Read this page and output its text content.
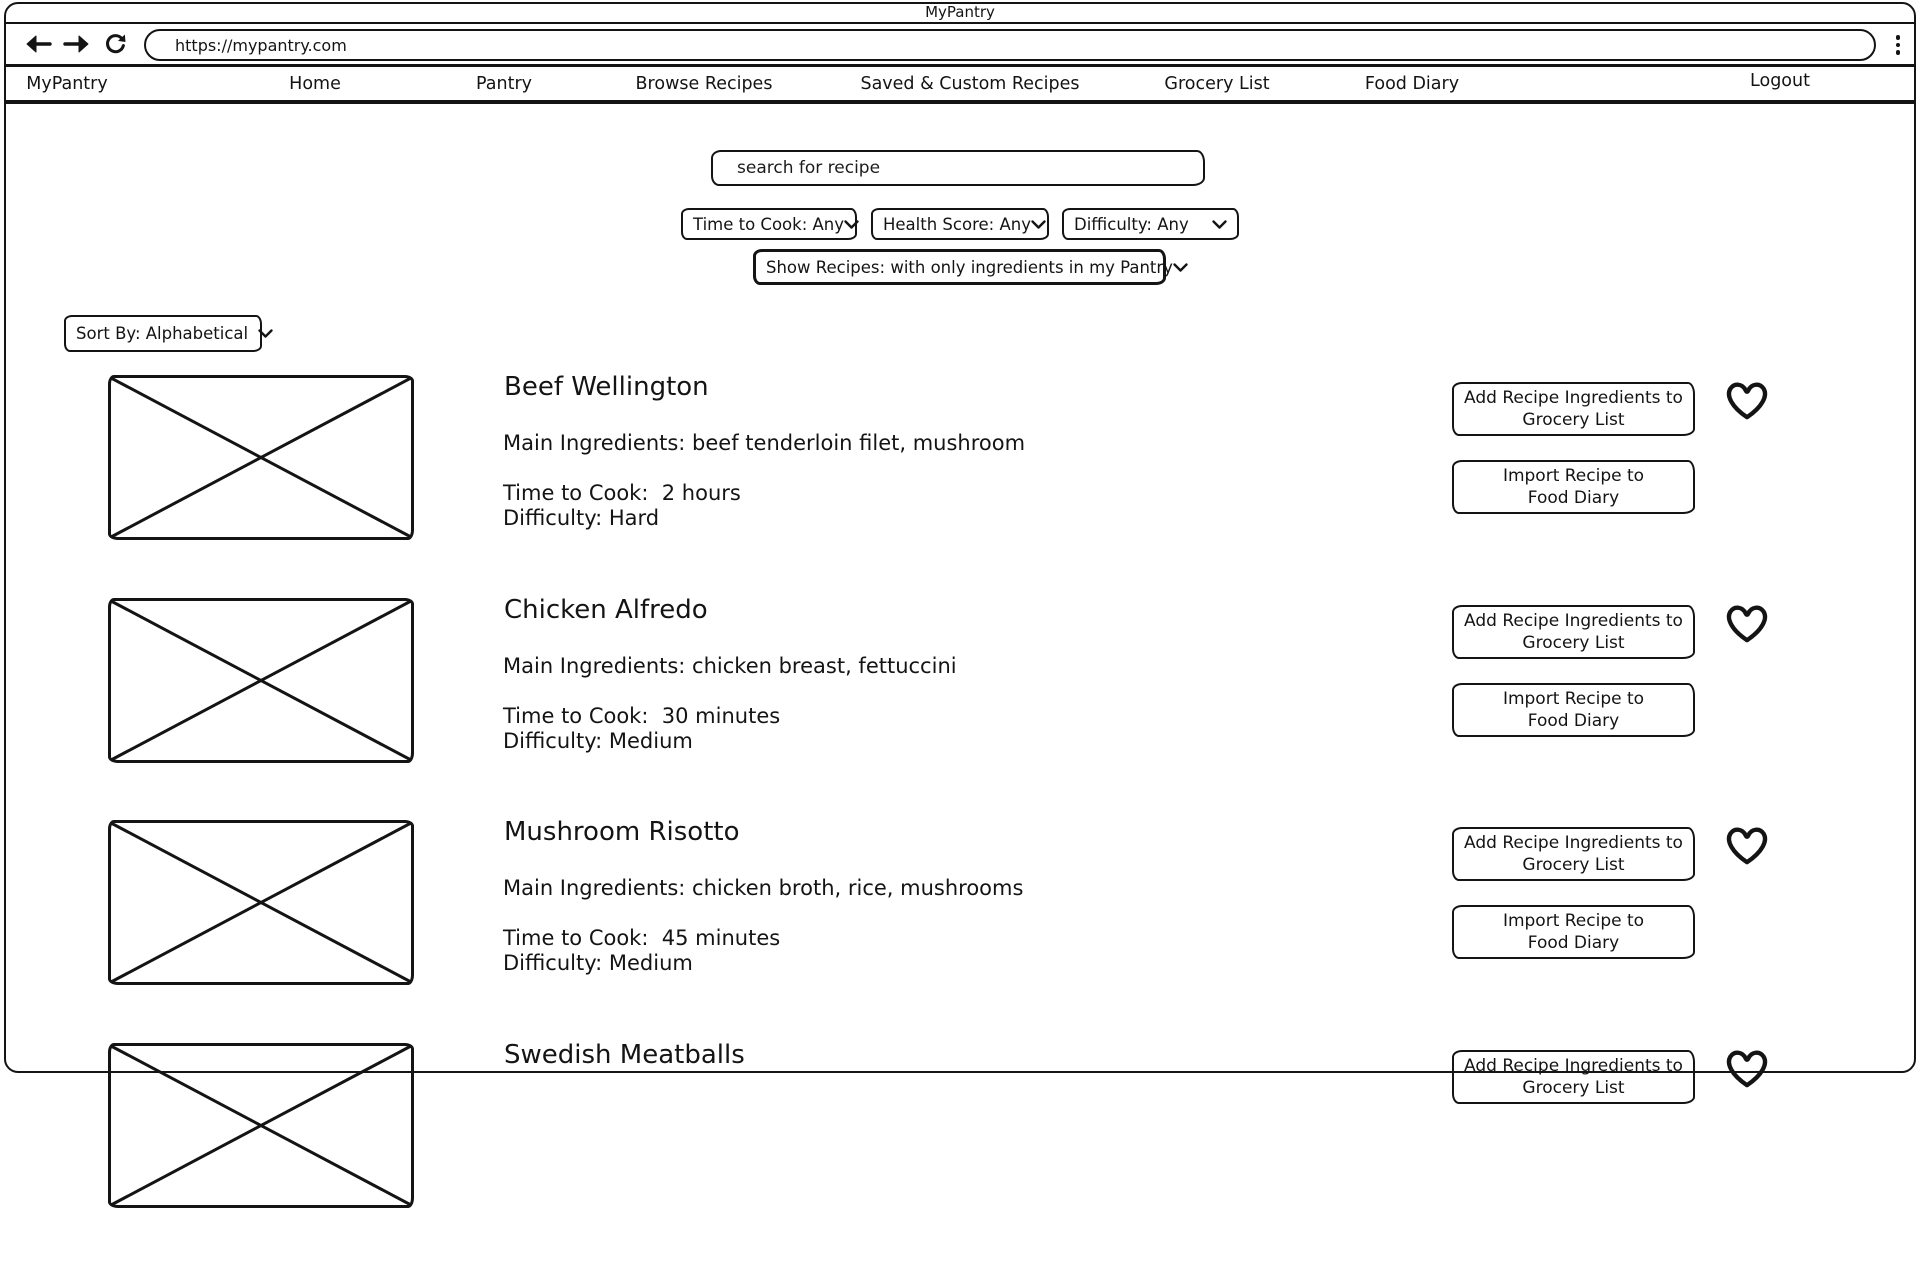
MyPantry
https://mypantry.com
MyPantry	Home	Pantry	Browse Recipes	Saved & Custom Recipes	Grocery List	Food Diary	Logout
search for recipe
Time to Cook: Any Health Score: Any	Difficulty: Any
Show Recipes: with only ingredients in my Pantry
Sort By: Alphabetical
Beef Wellington
Main Ingredients: beef tenderloin filet, mushroom
Time to Cook:  2 hours
Difficulty: Hard
Add Recipe Ingredients to
Grocery List
Import Recipe to
Food Diary
Chicken Alfredo
Main Ingredients: chicken breast, fettuccini
Time to Cook:  30 minutes
Difficulty: Medium
Add Recipe Ingredients to
Grocery List
Import Recipe to
Food Diary
Mushroom Risotto
Main Ingredients: chicken broth, rice, mushrooms
Time to Cook:  45 minutes
Difficulty: Medium
Add Recipe Ingredients to
Grocery List
Import Recipe to
Food Diary
Swedish Meatballs	Add Recipe Ingredients to
Grocery List
